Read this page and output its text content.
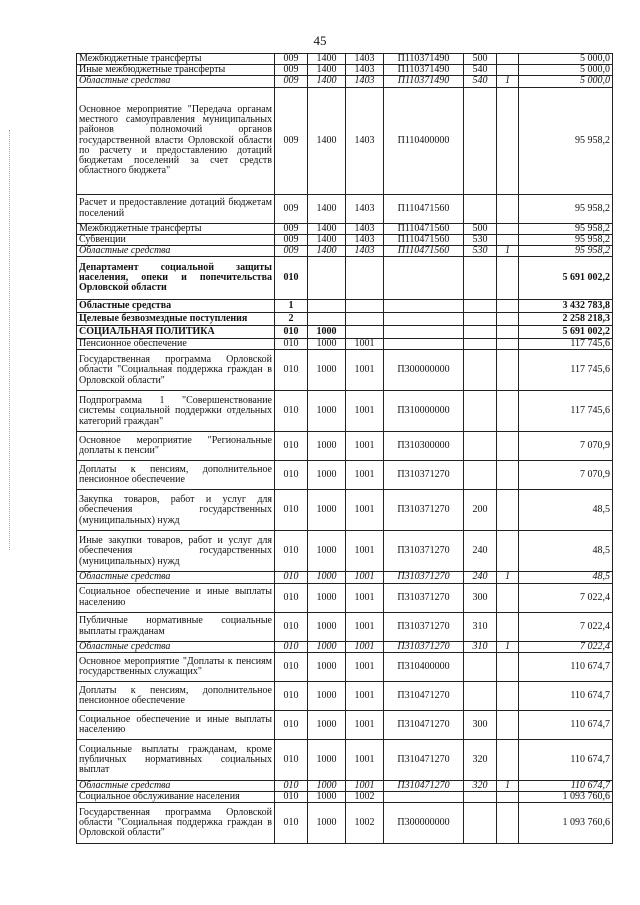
45
Межбюджетные трансферты	009	1400	1403	П110371490	500		5 000,0
Иные межбюджетные трансферты	009	1400	1403	П110371490	540		5 000,0
Областные средства	009	1400	1403	П110371490	540	1	5 000,0
Основное мероприятие "Передача органам местного самоуправления муниципальных районов полномочий органов государственной власти Орловской области по расчету и предоставлению дотаций бюджетам поселений за счет средств областного бюджета"	009	1400	1403	П110400000			95 958,2
Расчет и предоставление дотаций бюджетам поселений	009	1400	1403	П110471560			95 958,2
Межбюджетные трансферты	009	1400	1403	П110471560	500		95 958,2
Субвенции	009	1400	1403	П110471560	530		95 958,2
Областные средства	009	1400	1403	П110471560	530	1	95 958,2
Департамент социальной защиты населения, опеки и попечительства Орловской области	010						5 691 002,2
Областные средства	1						3 432 783,8
Целевые безвозмездные поступления	2						2 258 218,3
СОЦИАЛЬНАЯ ПОЛИТИКА	010	1000					5 691 002,2
Пенсионное обеспечение	010	1000	1001				117 745,6
Государственная программа Орловской области "Социальная поддержка граждан в Орловской области"	010	1000	1001	П300000000			117 745,6
Подпрограмма 1 "Совершенствование системы социальной поддержки отдельных категорий граждан"	010	1000	1001	П310000000			117 745,6
Основное мероприятие "Региональные доплаты к пенсии"	010	1000	1001	П310300000			7 070,9
Доплаты к пенсиям, дополнительное пенсионное обеспечение	010	1000	1001	П310371270			7 070,9
Закупка товаров, работ и услуг для обеспечения государственных (муниципальных) нужд	010	1000	1001	П310371270	200		48,5
Иные закупки товаров, работ и услуг для обеспечения государственных (муниципальных) нужд	010	1000	1001	П310371270	240		48,5
Областные средства	010	1000	1001	П310371270	240	1	48,5
Социальное обеспечение и иные выплаты населению	010	1000	1001	П310371270	300		7 022,4
Публичные нормативные социальные выплаты гражданам	010	1000	1001	П310371270	310		7 022,4
Областные средства	010	1000	1001	П310371270	310	1	7 022,4
Основное мероприятие "Доплаты к пенсиям государственных служащих"	010	1000	1001	П310400000			110 674,7
Доплаты к пенсиям, дополнительное пенсионное обеспечение	010	1000	1001	П310471270			110 674,7
Социальное обеспечение и иные выплаты населению	010	1000	1001	П310471270	300		110 674,7
Социальные выплаты гражданам, кроме публичных нормативных социальных выплат	010	1000	1001	П310471270	320		110 674,7
Областные средства	010	1000	1001	П310471270	320	1	110 674,7
Социальное обслуживание населения	010	1000	1002				1 093 760,6
Государственная программа Орловской области "Социальная поддержка граждан в Орловской области"	010	1000	1002	П300000000			1 093 760,6
